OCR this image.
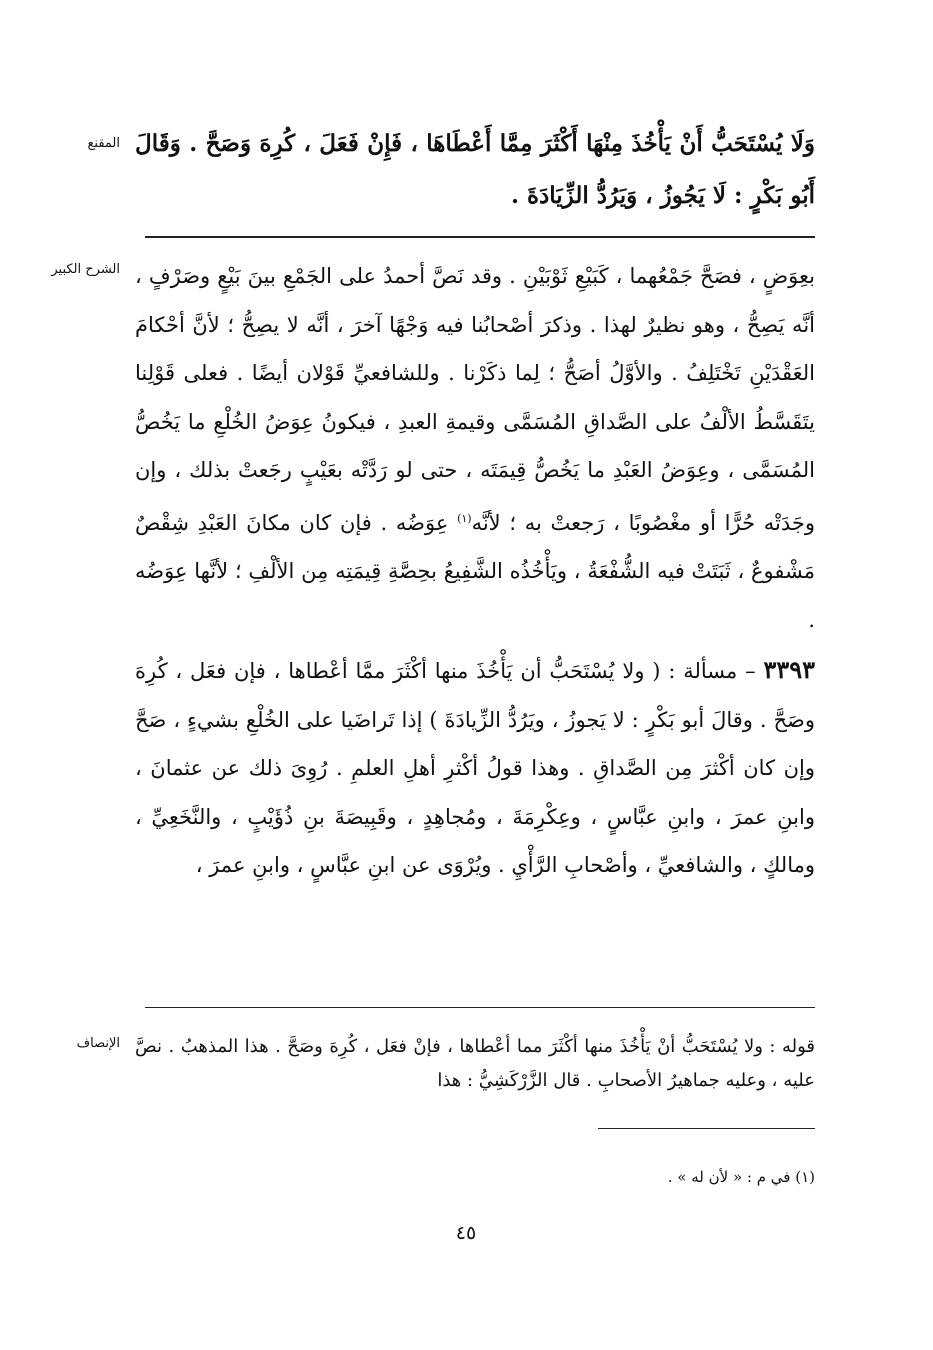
المقنع وَلَا يُسْتَحَبُّ أَنْ يَأْخُذَ مِنْهَا أَكْثَرَ مِمَّا أَعْطَاهَا ، فَإِنْ فَعَلَ ، كُرِهَ وَصَحَّ . وَقَالَ أَبُو بَكْرٍ : لَا يَجُوزُ ، وَيَرُدُّ الزِّيَادَةَ .

الشرح الكبير بعِوَضٍ ، فصَحَّ جَمْعُهما ، كَبَيْعِ ثَوْبَيْنِ . وقد نَصَّ أحمدُ على الجَمْعِ بينَ بَيْعٍ وصَرْفٍ ، أنَّه يَصِحُّ ، وهو نظيرٌ لهذا . وذكرَ أصْحابُنا فيه وَجْهًا آخرَ ، أنَّه لا يصِحُّ ؛ لأنَّ أحْكامَ العَقْدَيْنِ تَخْتَلِفُ . والأوَّلُ أصَحُّ ؛ لِما ذكَرْنا . وللشافعيِّ قَوْلان أيضًا . فعلى قَوْلِنا يتَقَسَّطُ الألْفُ على الصَّداقِ المُسَمَّى وقيمةِ العبدِ ، فيكونُ عِوَضُ الخُلْعِ ما يَخُصُّ المُسَمَّى ، وعِوَضُ العَبْدِ ما يَخُصُّ قِيمَتَه ، حتى لو رَدَّتْه بعَيْبٍ رجَعتْ بذلك ، وإن وجَدَتْه حُرًّا أو مغْصُوبًا ، رَجعتْ به ؛ لأنَّه$^{(١)}$ عِوَضُه . فإن كان مكانَ العَبْدِ شِقْصٌ مَشْفوعٌ ، ثَبَتَتْ فيه الشُّفْعَةُ ، ويَأْخُذُه الشَّفِيعُ بحِصَّةِ قِيمَتِه مِن الألْفِ ؛ لأنَّها عِوَضُه .

٣٣٩٣ – مسألة : ( ولا يُسْتَحَبُّ أن يَأْخُذَ منها أكْثَرَ ممَّا أعْطاها ، فإن فعَل ، كُرِهَ وصَحَّ . وقالَ أبو بَكْرٍ : لا يَجوزُ ، ويَرُدُّ الزِّيادَةَ ) إذا تَراضَيا على الخُلْعِ بشيءٍ ، صَحَّ وإن كان أكْثرَ مِن الصَّداقِ . وهذا قولُ أكْثرِ أهلِ العلمِ . رُوِىَ ذلك عن عثمانَ ، وابنِ عمرَ ، وابنِ عبَّاسٍ ، وعِكْرِمَةَ ، ومُجاهِدٍ ، وقَبِيصَةَ بنِ ذُؤَيْبٍ ، والنَّخَعِيِّ ، ومالكٍ ، والشافعيِّ ، وأصْحابِ الرَّأْيِ . ويُرْوَى عن ابنِ عبَّاسٍ ، وابنِ عمرَ ،

الإنصاف قوله : ولا يُسْتَحَبُّ أنْ يَأْخُذَ منها أكْثَرَ مما أعْطاها ، فإنْ فعَل ، كُرِهَ وصَحَّ . هذا المذهبُ . نصَّ عليه ، وعليه جماهيرُ الأصحابِ . قال الزَّرْكَشِيُّ : هذا

(١) في م : « لأن له » .
٤٥
